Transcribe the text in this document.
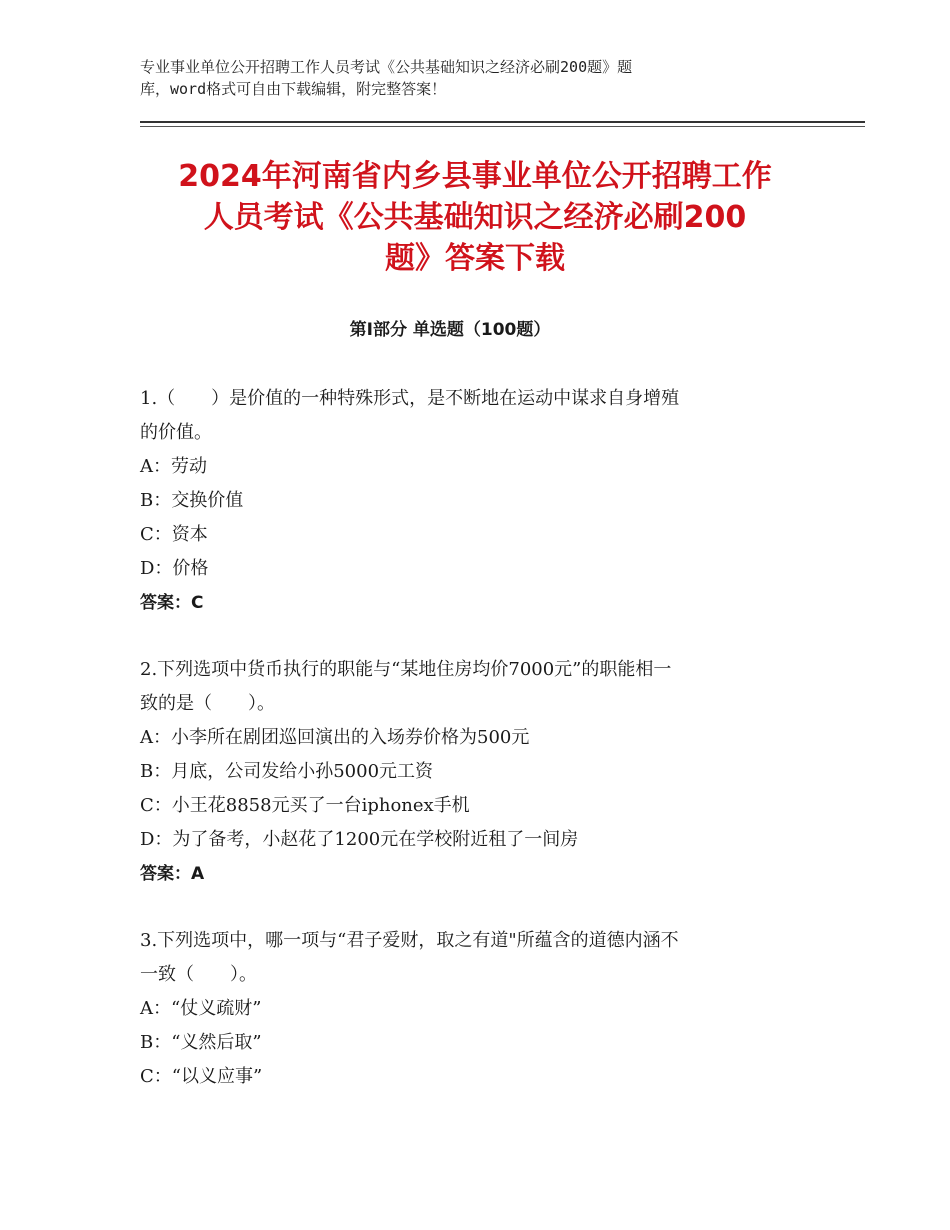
专业事业单位公开招聘工作人员考试《公共基础知识之经济必刷200题》题
库，word格式可自由下载编辑，附完整答案！
2024年河南省内乡县事业单位公开招聘工作
人员考试《公共基础知识之经济必刷200
题》答案下载
第Ⅰ部分 单选题（100题）

1.（　　）是价值的一种特殊形式，是不断地在运动中谋求自身增殖
的价值。

A：劳动

B：交换价值

C：资本

D：价格

答案：C

2.下列选项中货币执行的职能与“某地住房均价7000元”的职能相一
致的是（　　）。

A：小李所在剧团巡回演出的入场券价格为500元

B：月底，公司发给小孙5000元工资

C：小王花8858元买了一台iphonex手机

D：为了备考，小赵花了1200元在学校附近租了一间房

答案：A

3.下列选项中，哪一项与“君子爱财，取之有道"所蕴含的道德内涵不
一致（　　）。

A：“仗义疏财”

B：“义然后取”

C：“以义应事”
